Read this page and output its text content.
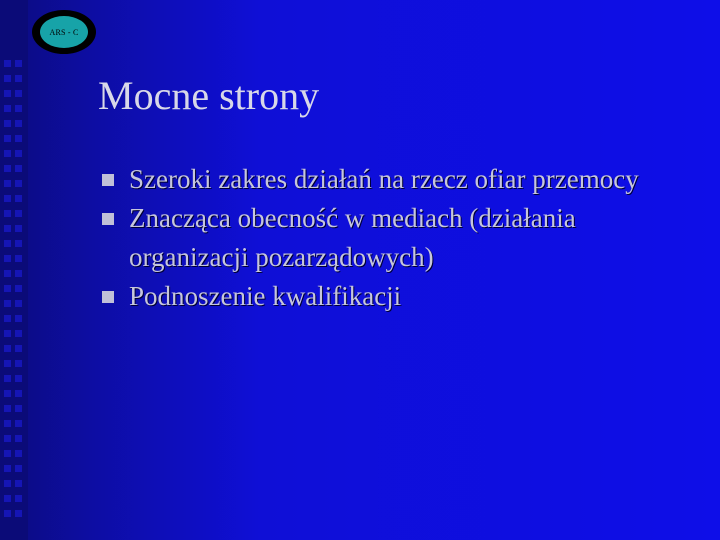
ARS - C
Mocne strony
Szeroki zakres działań na rzecz ofiar przemocy
Znacząca obecność w mediach (działania organizacji pozarządowych)
Podnoszenie kwalifikacji
